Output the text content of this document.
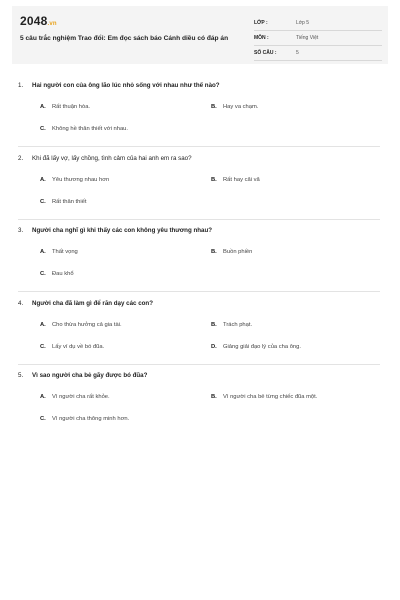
2048.vn
5 câu trắc nghiệm Trao đổi: Em đọc sách báo Cánh diều có đáp án
LỚP :	Lớp 5
MÔN :	Tiếng Việt
SỐ CÂU :	5
1. Hai người con của ông lão lúc nhỏ sống với nhau như thế nào?
A. Rất thuận hòa.	B. Hay va chạm.
C. Không hề thân thiết với nhau.
2. Khi đã lấy vợ, lấy chồng, tình cảm của hai anh em ra sao?
A. Yêu thương nhau hơn	B. Rất hay cãi vã
C. Rất thân thiết
3. Người cha nghĩ gì khi thấy các con không yêu thương nhau?
A. Thất vọng	B. Buồn phiền
C. Đau khổ
4. Người cha đã làm gì để răn dạy các con?
A. Cho thừa hưởng cả gia tài.	B. Trách phạt.
C. Lấy ví dụ về bó đũa.	D. Giảng giải đạo lý của cha ông.
5. Vì sao người cha bẻ gãy được bó đũa?
A. Vì người cha rất khỏe.	B. Vì người cha bẻ từng chiếc đũa một.
C. Vì người cha thông minh hơn.
